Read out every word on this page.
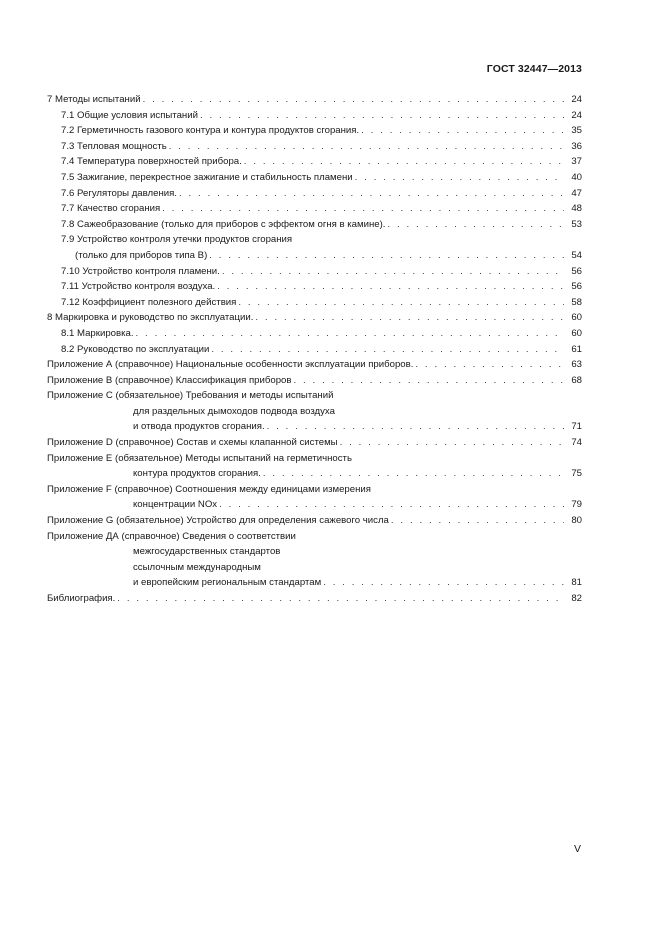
ГОСТ 32447—2013
7 Методы испытаний . . .	24
7.1 Общие условия испытаний . . .	24
7.2 Герметичность газового контура и контура продуктов сгорания. . . .	35
7.3 Тепловая мощность . . .	36
7.4 Температура поверхностей прибора. . . .	37
7.5 Зажигание, перекрестное зажигание и стабильность пламени . . .	40
7.6 Регуляторы давления. . . .	47
7.7 Качество сгорания . . .	48
7.8 Сажеобразование (только для приборов с эффектом огня в камине). . . .	53
7.9 Устройство контроля утечки продуктов сгорания
(только для приборов типа В) . . .	54
7.10 Устройство контроля пламени. . . .	56
7.11 Устройство контроля воздуха. . . .	56
7.12 Коэффициент полезного действия . . .	58
8 Маркировка и руководство по эксплуатации. . . .	60
8.1 Маркировка. . . .	60
8.2 Руководство по эксплуатации . . .	61
Приложение А (справочное) Национальные особенности эксплуатации приборов. . . .	63
Приложение В (справочное) Классификация приборов . . .	68
Приложение С (обязательное) Требования и методы испытаний
для раздельных дымоходов подвода воздуха
и отвода продуктов сгорания. . . .	71
Приложение D (справочное) Состав и схемы клапанной системы . . .	74
Приложение Е (обязательное) Методы испытаний на герметичность
контура продуктов сгорания. . . .	75
Приложение F (справочное) Соотношения между единицами измерения
концентрации NOх . . .	79
Приложение G (обязательное) Устройство для определения сажевого числа . . .	80
Приложение ДА (справочное) Сведения о соответствии
межгосударственных стандартов
ссылочным международным
и европейским региональным стандартам . . .	81
Библиография. . . .	82
V
